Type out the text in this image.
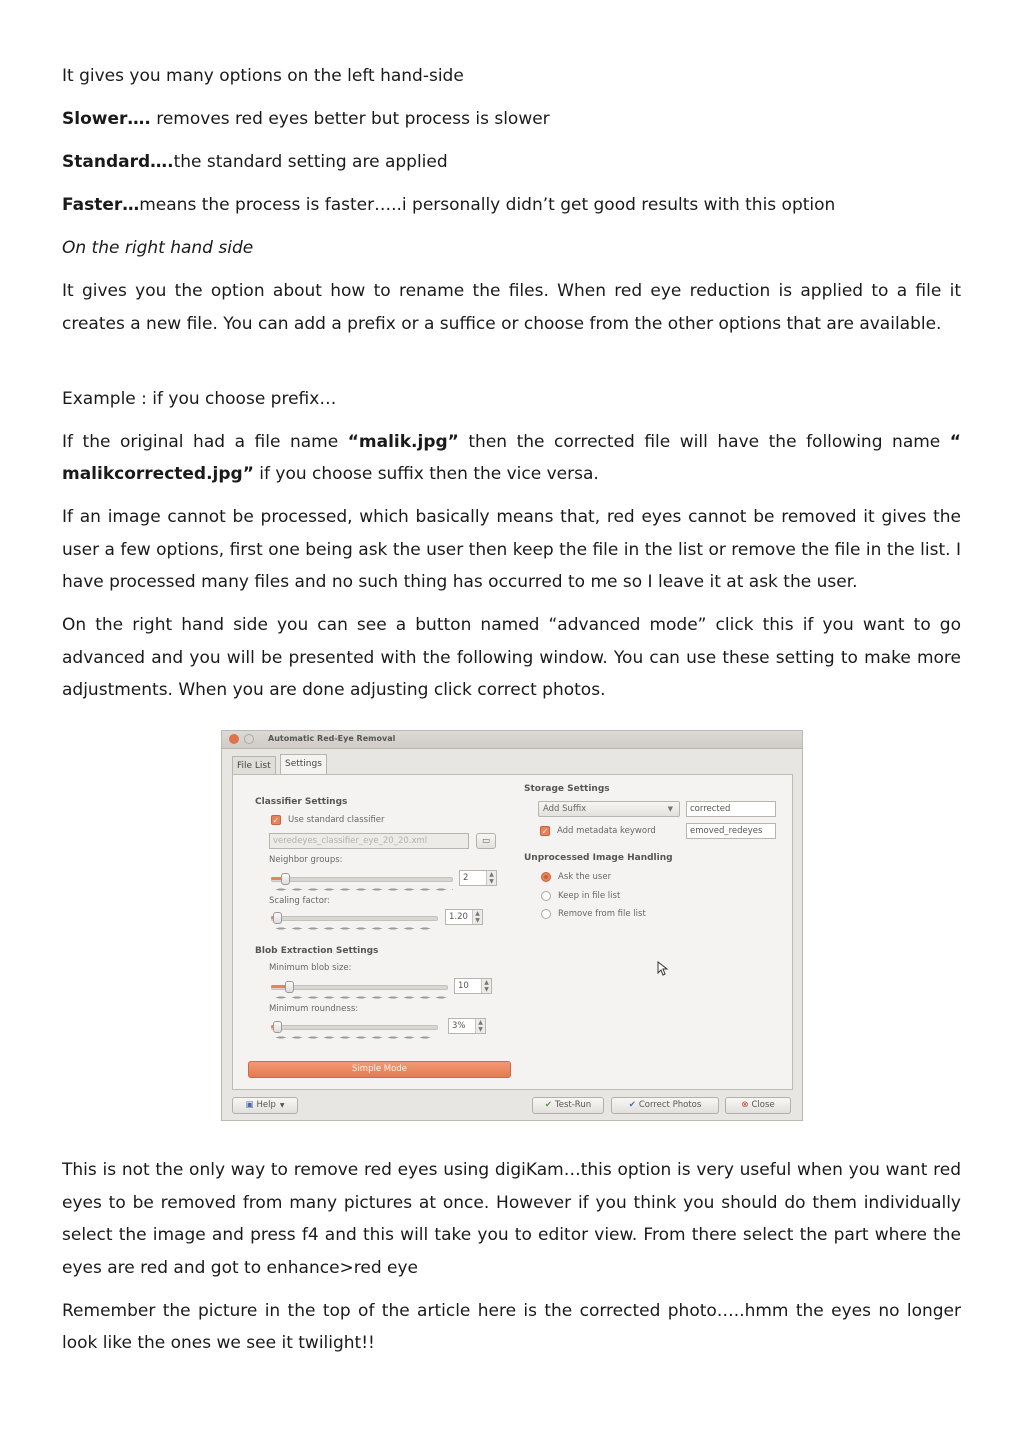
It gives you many options on the left hand-side

Slower…. removes red eyes better but process is slower

Standard….the standard setting are applied

Faster…means the process is faster…..i personally didn’t get good results with this option

On the right hand side

It gives you the option about how to rename the files. When red eye reduction is applied to a file it creates a new file. You can add a prefix or a suffice or choose from the other options that are available.

Example : if you choose prefix…

If the original had a file name “malik.jpg” then the corrected file will have the following name “ malikcorrected.jpg” if you choose suffix then the vice versa.

If an image cannot be processed, which basically means that, red eyes cannot be removed it gives the user a few options, first one being ask the user then keep the file in the list or remove the file in the list. I have processed many files and no such thing has occurred to me so I leave it at ask the user.

On the right hand side you can see a button named “advanced mode” click this if you want to go advanced and you will be presented with the following window. You can use these setting to make more adjustments. When you are done adjusting click correct photos.

Automatic Red-Eye Removal
File List	Settings
Classifier Settings
✓ Use standard classifier
veredeyes_classifier_eye_20_20.xml	▭
Neighbor groups:
2	▲
▼
Scaling factor:
1.20	▲
▼
Blob Extraction Settings
Minimum blob size:
10	▲
▼
Minimum roundness:
3%	▲
▼
Simple Mode
Storage Settings
Add Suffix	▼	corrected
✓ Add metadata keyword	emoved_redeyes
Unprocessed Image Handling
Ask the user
Keep in file list
Remove from file list
▣ Help ▼	✔ Test-Run	✔ Correct Photos	⊗ Close

This is not the only way to remove red eyes using digiKam…this option is very useful when you want red eyes to be removed from many pictures at once. However if you think you should do them individually select the image and press f4 and this will take you to editor view. From there select the part where the eyes are red and got to enhance>red eye

Remember the picture in the top of the article here is the corrected photo…..hmm the eyes no longer look like the ones we see it twilight!!
